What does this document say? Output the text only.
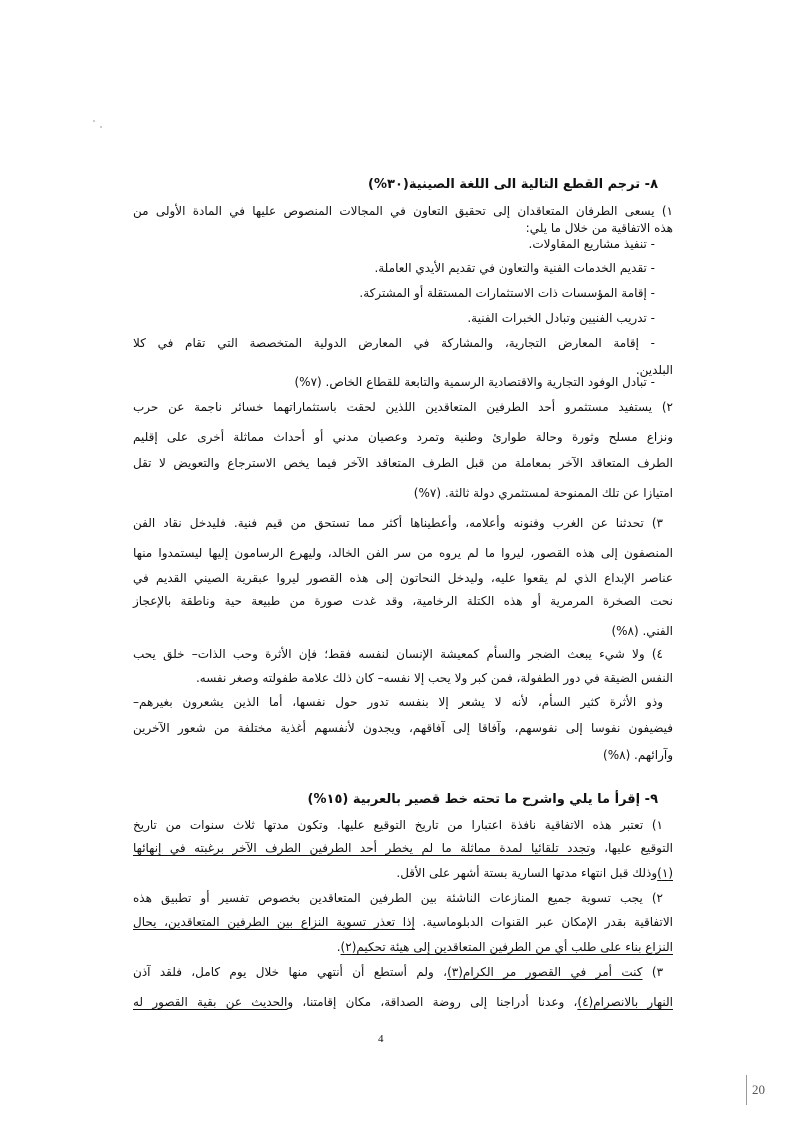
٨- ترجم القطع التالية الى اللغة الصينية(٣٠%)
١) يسعى الطرفان المتعاقدان إلى تحقيق التعاون في المجالات المنصوص عليها في المادة الأولى من
هذه الاتفاقية من خلال ما يلي:
- تنفيذ مشاريع المقاولات.
- تقديم الخدمات الفنية والتعاون في تقديم الأيدي العاملة.
- إقامة المؤسسات ذات الاستثمارات المستقلة أو المشتركة.
- تدريب الفنيين وتبادل الخبرات الفنية.
- إقامة المعارض التجارية، والمشاركة في المعارض الدولية المتخصصة التي تقام في كلا
البلدين.
- تبادل الوفود التجارية والاقتصادية الرسمية والتابعة للقطاع الخاص. (٧%)
٢) يستفيد مستثمرو أحد الطرفين المتعاقدين اللذين لحقت باستثماراتهما خسائر ناجمة عن حرب
ونزاع مسلح وثورة وحالة طوارئ وطنية وتمرد وعصيان مدني أو أحداث مماثلة أخرى على إقليم
الطرف المتعاقد الآخر بمعاملة من قبل الطرف المتعاقد الآخر فيما يخص الاسترجاع والتعويض لا تقل
امتيازا عن تلك الممنوحة لمستثمري دولة ثالثة. (٧%)
٣) تحدثنا عن الغرب وفنونه وأعلامه، وأعطيناها أكثر مما تستحق من قيم فنية. فليدخل نقاد الفن
المنصفون إلى هذه القصور، ليروا ما لم يروه من سر الفن الخالد، وليهرع الرسامون إليها ليستمدوا منها
عناصر الإبداع الذي لم يقعوا عليه، وليدخل النحاتون إلى هذه القصور ليروا عبقرية الصيني القديم في
نحت الصخرة المرمرية أو هذه الكتلة الرخامية، وقد غدت صورة من طبيعة حية وناطقة بالإعجاز
الفني. (٨%)
٤) ولا شيء يبعث الضجر والسأم كمعيشة الإنسان لنفسه فقط؛ فإن الأثرة وحب الذات– خلق يحب
النفس الضيقة في دور الطفولة، فمن كبر ولا يحب إلا نفسه– كان ذلك علامة طفولته وصغر نفسه.
وذو الأثرة كثير السأم، لأنه لا يشعر إلا بنفسه تدور حول نفسها، أما الذين يشعرون بغيرهم–
فيضيفون نفوسا إلى نفوسهم، وآفاقا إلى آفاقهم، ويجدون لأنفسهم أغذية مختلفة من شعور الآخرين
وآرائهم. (٨%)
٩- إقرأ ما يلي واشرح ما تحته خط قصير بالعربية (١٥%)
١) تعتبر هذه الاتفاقية نافذة اعتبارا من تاريخ التوقيع عليها. وتكون مدتها ثلاث سنوات من تاريخ
التوقيع عليها، وتجدد تلقائيا لمدة مماثلة ما لم يخطر أحد الطرفين الطرف الآخر برغبته في إنهائها
(١)وذلك قبل انتهاء مدتها السارية بستة أشهر على الأقل.
٢) يجب تسوية جميع المنازعات الناشئة بين الطرفين المتعاقدين بخصوص تفسير أو تطبيق هذه
الاتفاقية بقدر الإمكان عبر القنوات الدبلوماسية. إذا تعذر تسوية النزاع بين الطرفين المتعاقدين، يحال
النزاع بناء على طلب أي من الطرفين المتعاقدين إلى هيئة تحكيم(٢).
٣) كنت أمر في القصور مر الكرام(٣)، ولم أستطع أن أنتهي منها خلال يوم كامل، فلقد آذن
النهار بالانصرام(٤)، وعدنا أدراجنا إلى روضة الصداقة، مكان إقامتنا، والحديث عن بقية القصور له
4
20
